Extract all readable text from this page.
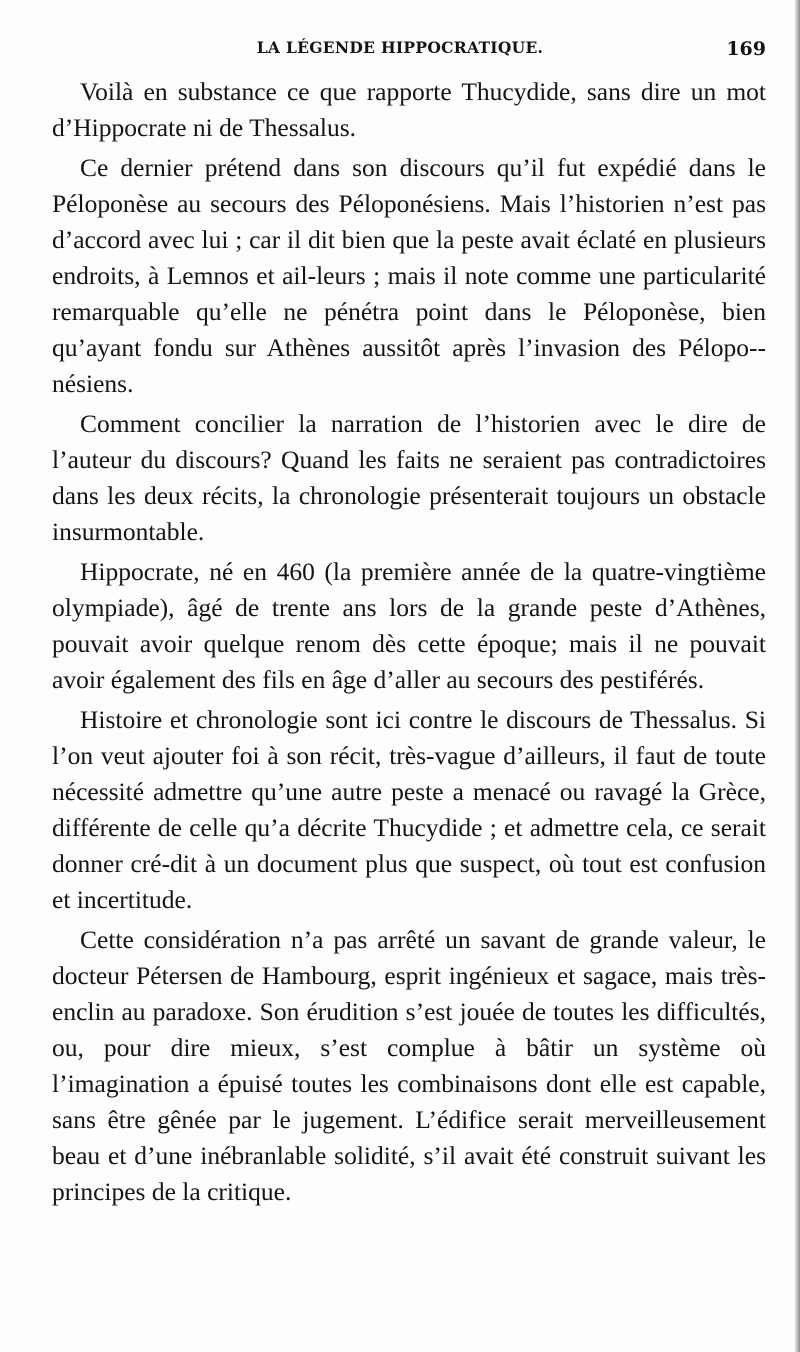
LA LÉGENDE HIPPOCRATIQUE.	169

Voilà en substance ce que rapporte Thucydide, sans dire un mot d’Hippocrate ni de Thessalus.

Ce dernier prétend dans son discours qu’il fut expédié dans le Péloponèse au secours des Péloponésiens. Mais l’historien n’est pas d’accord avec lui ; car il dit bien que la peste avait éclaté en plusieurs endroits, à Lemnos et ail-leurs ; mais il note comme une particularité remarquable qu’elle ne pénétra point dans le Péloponèse, bien qu’ayant fondu sur Athènes aussitôt après l’invasion des Pélopo-nésiens.

Comment concilier la narration de l’historien avec le dire de l’auteur du discours? Quand les faits ne seraient pas contradictoires dans les deux récits, la chronologie présenterait toujours un obstacle insurmontable.

Hippocrate, né en 460 (la première année de la quatre-vingtième olympiade), âgé de trente ans lors de la grande peste d’Athènes, pouvait avoir quelque renom dès cette époque; mais il ne pouvait avoir également des fils en âge d’aller au secours des pestiférés.

Histoire et chronologie sont ici contre le discours de Thessalus. Si l’on veut ajouter foi à son récit, très-vague d’ailleurs, il faut de toute nécessité admettre qu’une autre peste a menacé ou ravagé la Grèce, différente de celle qu’a décrite Thucydide ; et admettre cela, ce serait donner cré-dit à un document plus que suspect, où tout est confusion et incertitude.

Cette considération n’a pas arrêté un savant de grande valeur, le docteur Pétersen de Hambourg, esprit ingénieux et sagace, mais très-enclin au paradoxe. Son érudition s’est jouée de toutes les difficultés, ou, pour dire mieux, s’est complue à bâtir un système où l’imagination a épuisé toutes les combinaisons dont elle est capable, sans être gênée par le jugement. L’édifice serait merveilleusement beau et d’une inébranlable solidité, s’il avait été construit suivant les principes de la critique.
